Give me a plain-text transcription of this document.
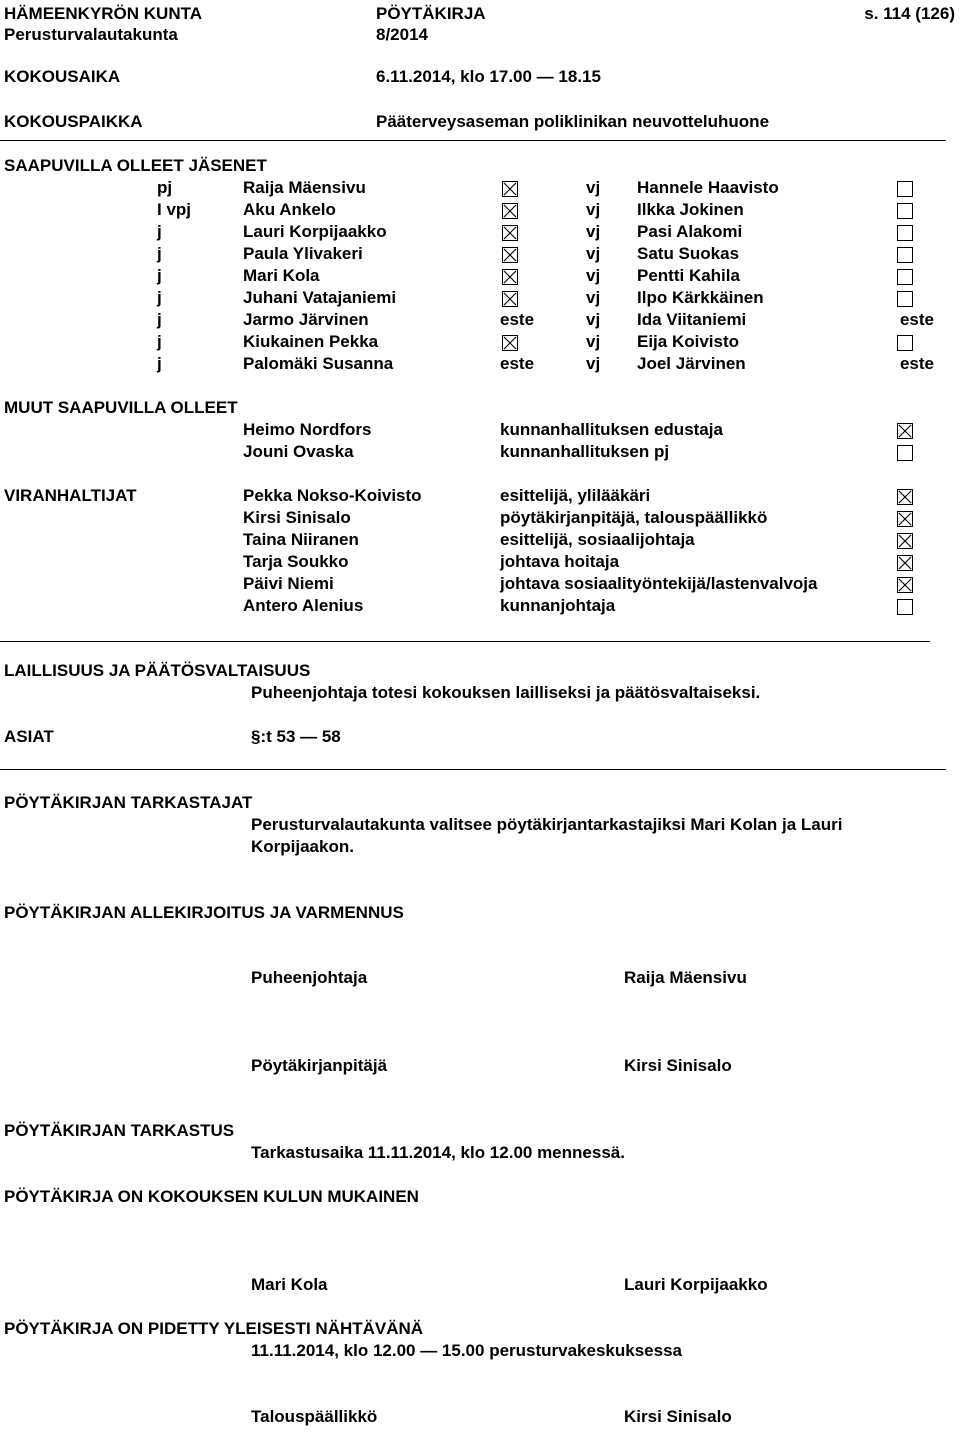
HÄMEENKYRÖN KUNTA
Perusturvalautakunta
PÖYTÄKIRJA
8/2014
s. 114 (126)
KOKOUSAIKA	6.11.2014, klo 17.00 — 18.15
KOKOUSPAIKKA	Pääterveysaseman poliklinikan neuvotteluhuone
SAAPUVILLA OLLEET JÄSENET
pj	Raija Mäensivu	vj Hannele Haavisto
I vpj	Aku Ankelo	vj Ilkka Jokinen
j	Lauri Korpijaakko	vj Pasi Alakomi
j	Paula Ylivakeri	vj Satu Suokas
j	Mari Kola	vj Pentti Kahila
j	Juhani Vatajaniemi	vj Ilpo Kärkkäinen
j	Jarmo Järvinen	este	vj Ida Viitaniemi	este
j	Kiukainen Pekka	vj Eija Koivisto
j	Palomäki Susanna	este	vj Joel Järvinen	este
MUUT SAAPUVILLA OLLEET
Heimo Nordfors	kunnanhallituksen edustaja
Jouni Ovaska	kunnanhallituksen pj
VIRANHALTIJAT	Pekka Nokso-Koivisto	esittelijä, ylilääkäri
Kirsi Sinisalo	pöytäkirjanpitäjä, talouspäällikkö
Taina Niiranen	esittelijä, sosiaalijohtaja
Tarja Soukko	johtava hoitaja
Päivi Niemi	johtava sosiaalityöntekijä/lastenvalvoja
Antero Alenius	kunnanjohtaja
LAILLISUUS JA PÄÄTÖSVALTAISUUS
Puheenjohtaja totesi kokouksen lailliseksi ja päätösvaltaiseksi.
ASIAT	§:t 53 — 58
PÖYTÄKIRJAN TARKASTAJAT
Perusturvalautakunta valitsee pöytäkirjantarkastajiksi Mari Kolan ja Lauri
Korpijaakon.
PÖYTÄKIRJAN ALLEKIRJOITUS JA VARMENNUS
Puheenjohtaja	Raija Mäensivu
Pöytäkirjanpitäjä	Kirsi Sinisalo
PÖYTÄKIRJAN TARKASTUS
Tarkastusaika 11.11.2014, klo 12.00 mennessä.
PÖYTÄKIRJA ON KOKOUKSEN KULUN MUKAINEN
Mari Kola	Lauri Korpijaakko
PÖYTÄKIRJA ON PIDETTY YLEISESTI NÄHTÄVÄNÄ
11.11.2014, klo 12.00 — 15.00 perusturvakeskuksessa
Talouspäällikkö	Kirsi Sinisalo
